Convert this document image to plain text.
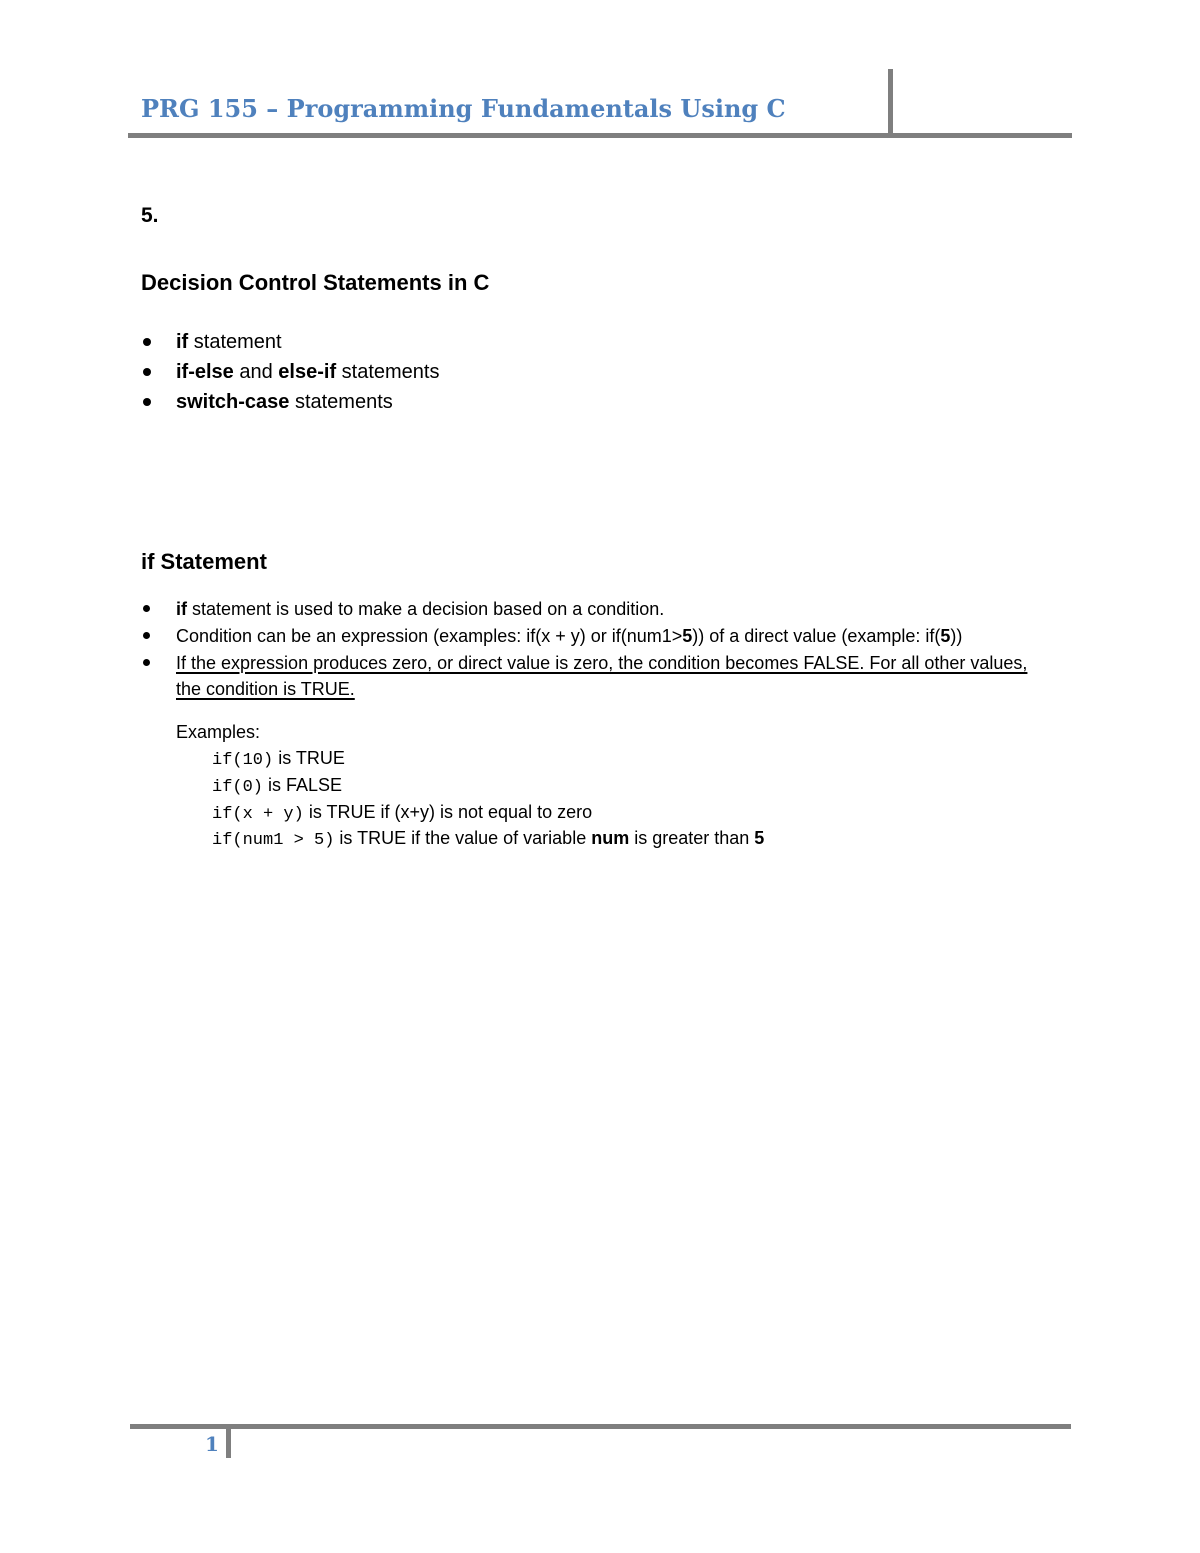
PRG 155 – Programming Fundamentals Using C
5.
Decision Control Statements in C
if statement
if-else and else-if statements
switch-case statements
if Statement
if statement is used to make a decision based on a condition.
Condition can be an expression (examples: if(x + y) or if(num1>5)) of a direct value (example: if(5))
If the expression produces zero, or direct value is zero, the condition becomes FALSE. For all other values, the condition is TRUE.
Examples:
if(10) is TRUE
if(0) is FALSE
if(x + y) is TRUE if (x+y) is not equal to zero
if(num1 > 5) is TRUE if the value of variable num is greater than 5
1
